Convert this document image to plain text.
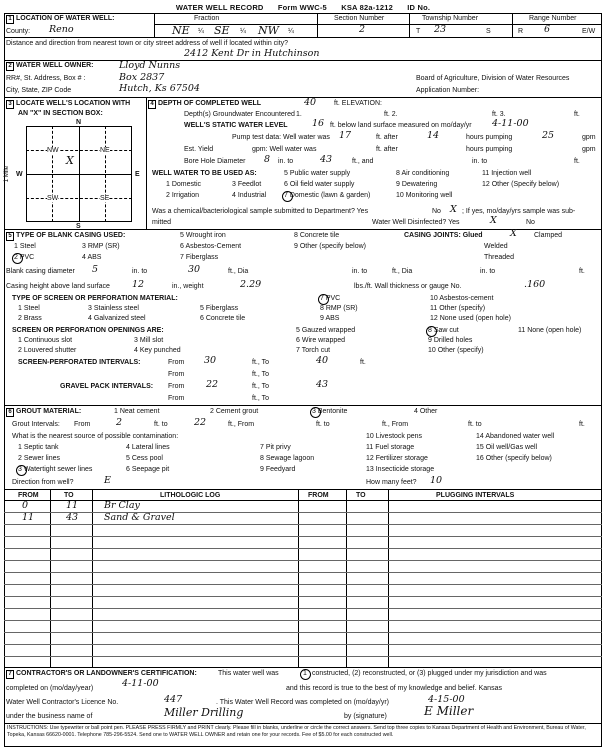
WATER WELL RECORD Form WWC-5 KSA 82a-1212 ID No.
1 LOCATION OF WATER WELL:	Fraction	Section Number	Township Number	Range Number
County: Reno	NE ¼ SE ¼ NW ¼	2	T 23	S	R 6	E/W
Distance and direction from nearest town or city street address of well if located within city?
2412 Kent Dr in Hutchinson
2 WATER WELL OWNER:	Lloyd Nunns
RR#, St. Address, Box # :	Box 2837
City, State, ZIP Code	Hutch, Ks 67504
Board of Agriculture, Division of Water Resources
Application Number:
3 LOCATE WELL'S LOCATION WITH
AN "X" IN SECTION BOX:
N
S
W	E
NW	NE
SW	SE
X
1 Mile
4 DEPTH OF COMPLETED WELL	40	ft. ELEVATION:
Depth(s) Groundwater Encountered 1.	ft. 2.	ft. 3.	ft.
WELL'S STATIC WATER LEVEL	16 ft. below land surface measured on mo/day/yr 4-11-00
Pump test data: Well water was 17	ft. after	14	hours pumping	25	gpm
Est. Yield	gpm: Well water was	ft. after	hours pumping	gpm
Bore Hole Diameter 8 in. to	43	ft., and	in. to	ft.
WELL WATER TO BE USED AS:
1 Domestic
2 Irrigation
3 Feedlot
4 Industrial
5 Public water supply
6 Oil field water supply
7 Domestic (lawn & garden)
8 Air conditioning
9 Dewatering
10 Monitoring well
11 Injection well
12 Other (Specify below)
Was a chemical/bacteriological sample submitted to Department? Yes	No X ; If yes, mo/day/yrs sample was sub-
mitted	Water Well Disinfected? Yes	X	No
5 TYPE OF BLANK CASING USED:
1 Steel
2 PVC
3 RMP (SR)
4 ABS
5 Wrought iron
6 Asbestos-Cement
7 Fiberglass
8 Concrete tile
9 Other (specify below)
CASING JOINTS: Glued	X Clamped
Welded
Threaded
Blank casing diameter 5	in. to	30	ft., Dia	in. to	ft., Dia	in. to	ft.
Casing height above land surface 12	in., weight	2.29	lbs./ft. Wall thickness or gauge No.	.160
TYPE OF SCREEN OR PERFORATION MATERIAL:
1 Steel
2 Brass
3 Stainless steel
4 Galvanized steel
5 Fiberglass
6 Concrete tile
7 PVC
8 RMP (SR)
9 ABS
10 Asbestos-cement
11 Other (specify)
12 None used (open hole)
SCREEN OR PERFORATION OPENINGS ARE:
1 Continuous slot
2 Louvered shutter
3 Mill slot
4 Key punched
5 Gauzed wrapped
6 Wire wrapped
7 Torch cut
8 Saw cut
9 Drilled holes
10 Other (specify)
11 None (open hole)
SCREEN-PERFORATED INTERVALS:	From 30	ft., To	40	ft.
From	ft., To
GRAVEL PACK INTERVALS: From 22	ft., To	43
From	ft., To
6 GROUT MATERIAL:	1 Neat cement	2 Cement grout	3 Bentonite	4 Other
Grout Intervals: From	2	ft. to	22	ft., From	ft. to	ft., From	ft. to	ft.
What is the nearest source of possible contamination:
1 Septic tank
2 Sewer lines
3 Watertight sewer lines
4 Lateral lines
5 Cess pool
6 Seepage pit
7 Pit privy
8 Sewage lagoon
9 Feedyard
10 Livestock pens
11 Fuel storage
12 Fertilizer storage
13 Insecticide storage
14 Abandoned water well
15 Oil well/Gas well
16 Other (specify below)
Direction from well?	E	How many feet? 10
FROM	TO	LITHOLOGIC LOG	FROM	TO	PLUGGING INTERVALS
0	11	Br Clay
11	43	Sand & Gravel
7 CONTRACTOR'S OR LANDOWNER'S CERTIFICATION:	This water well was	1 constructed, (2) reconstructed, or (3) plugged under my jurisdiction and was
completed on (mo/day/year)	4-11-00	and this record is true to the best of my knowledge and belief. Kansas
Water Well Contractor's Licence No.	447	. This Water Well Record was completed on (mo/day/yr)	4-15-00
under the business name of	Miller Drilling	by (signature)	E Miller
INSTRUCTIONS: Use typewriter or ball point pen. PLEASE PRESS FIRMLY and PRINT clearly. Please fill in blanks, underline or circle the correct answers. Send top three copies to Kansas Department of Health and Environment, Bureau of Water, Topeka, Kansas 66620-0001. Telephone 785-296-5524. Send one to WATER WELL OWNER and retain one for your records. Fee of $5.00 for each constructed well.
